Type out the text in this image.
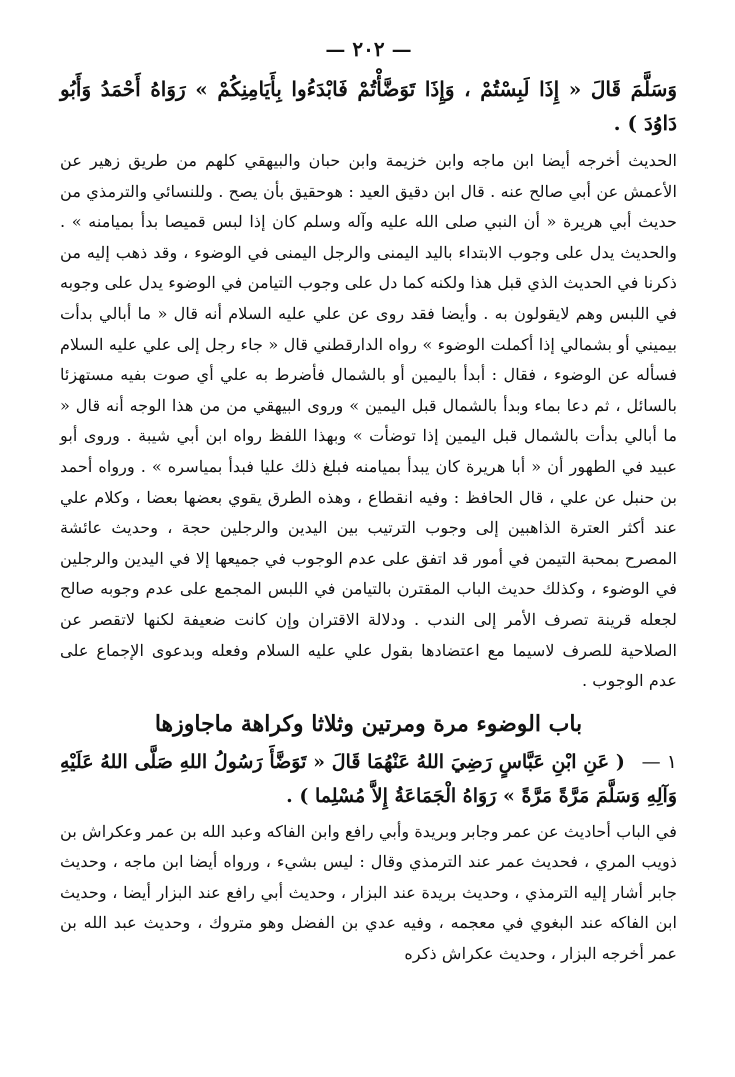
— ٢٠٢ —
وَسَلَّمَ قَالَ « إِذَا لَبِسْتُمْ ، وَإِذَا تَوَضَّأْتُمْ فَابْدَءُوا بِأَيَامِنِكُمْ » رَوَاهُ أَحْمَدُ وَأَبُو دَاوُدَ ) .

الحديث أخرجه أيضا ابن ماجه وابن خزيمة وابن حبان والبيهقي كلهم من طريق زهير عن الأعمش عن أبي صالح عنه . قال ابن دقيق العيد : هوحقيق بأن يصح . وللنسائي والترمذي من حديث أبي هريرة « أن النبي صلى الله عليه وآله وسلم كان إذا لبس قميصا بدأ بميامنه » . والحديث يدل على وجوب الابتداء باليد اليمنى والرجل اليمنى في الوضوء ، وقد ذهب إليه من ذكرنا في الحديث الذي قبل هذا ولكنه كما دل على وجوب التيامن في الوضوء يدل على وجوبه في اللبس وهم لايقولون به . وأيضا فقد روى عن علي عليه السلام أنه قال « ما أبالي بدأت بيميني أو بشمالي إذا أكملت الوضوء » رواه الدارقطني قال « جاء رجل إلى علي عليه السلام فسأله عن الوضوء ، فقال : أبدأ باليمين أو بالشمال فأضرط به علي أي صوت بفيه مستهزئا بالسائل ، ثم دعا بماء وبدأ بالشمال قبل اليمين » وروى البيهقي من من هذا الوجه أنه قال « ما أبالي بدأت بالشمال قبل اليمين إذا توضأت » وبهذا اللفظ رواه ابن أبي شيبة . وروى أبو عبيد في الطهور أن « أبا هريرة كان يبدأ بميامنه فبلغ ذلك عليا فبدأ بمياسره » . ورواه أحمد بن حنبل عن علي ، قال الحافظ : وفيه انقطاع ، وهذه الطرق يقوي بعضها بعضا ، وكلام علي عند أكثر العترة الذاهبين إلى وجوب الترتيب بين اليدين والرجلين حجة ، وحديث عائشة المصرح بمحبة التيمن في أمور قد اتفق على عدم الوجوب في جميعها إلا في اليدين والرجلين في الوضوء ، وكذلك حديث الباب المقترن بالتيامن في اللبس المجمع على عدم وجوبه صالح لجعله قرينة تصرف الأمر إلى الندب . ودلالة الاقتران وإن كانت ضعيفة لكنها لاتقصر عن الصلاحية للصرف لاسيما مع اعتضادها بقول علي عليه السلام وفعله وبدعوى الإجماع على عدم الوجوب .

باب الوضوء مرة ومرتين وثلاثا وكراهة ماجاوزها
١ — ( عَنِ ابْنِ عَبَّاسٍ رَضِيَ اللهُ عَنْهُمَا قَالَ « تَوَضَّأَ رَسُولُ اللهِ صَلَّى اللهُ عَلَيْهِ وَآلِهِ وَسَلَّمَ مَرَّةً مَرَّةً » رَوَاهُ الْجَمَاعَةُ إِلاَّ مُسْلِما ) .
في الباب أحاديث عن عمر وجابر وبريدة وأبي رافع وابن الفاكه وعبد الله بن عمر وعكراش بن ذويب المري ، فحديث عمر عند الترمذي وقال : ليس بشيء ، ورواه أيضا ابن ماجه ، وحديث جابر أشار إليه الترمذي ، وحديث بريدة عند البزار ، وحديث أبي رافع عند البزار أيضا ، وحديث ابن الفاكه عند البغوي في معجمه ، وفيه عدي بن الفضل وهو متروك ، وحديث عبد الله بن عمر أخرجه البزار ، وحديث عكراش ذكره
